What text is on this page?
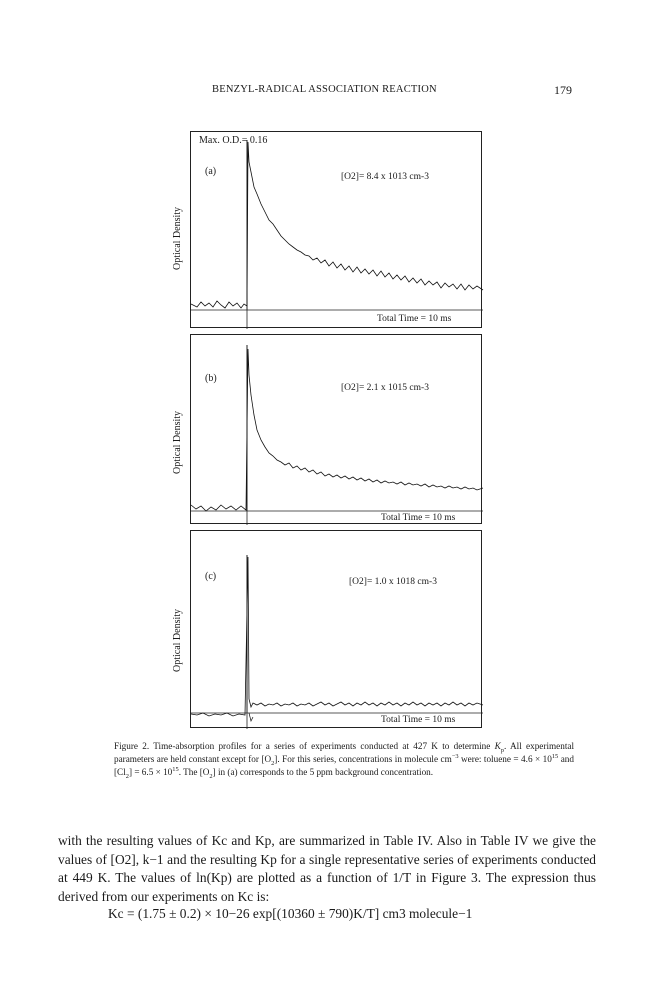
BENZYL-RADICAL ASSOCIATION REACTION	179
Max. O.D.= 0.16
(a)	[O2]= 8.4 x 1013 cm-3
Total Time = 10 ms
Optical Density
(b)
[O2]= 2.1 x 1015 cm-3
Total Time = 10 ms
Optical Density
(c)	[O2]= 1.0 x 1018 cm-3
Total Time = 10 ms
Optical Density

Figure 2. Time-absorption profiles for a series of experiments conducted at 427 K to determine $K_p$. All experimental parameters are held constant except for $[O_2]$. For this series, concentrations in molecule $cm^{-3}$ were: toluene = $4.6 \times 10^{15}$ and $[Cl_2] = 6.5 \times 10^{15}$. The $[O_2]$ in (a) corresponds to the 5 ppm background concentration.

with the resulting values of Kc and Kp, are summarized in Table IV. Also in Table IV we give the values of [O2], k−1 and the resulting Kp for a single representative series of experiments conducted at 449 K. The values of ln(Kp) are plotted as a function of 1/T in Figure 3. The expression thus derived from our experiments on Kc is:

Kc = (1.75 ± 0.2) × 10−26 exp[(10360 ± 790)K/T] cm3 molecule−1
